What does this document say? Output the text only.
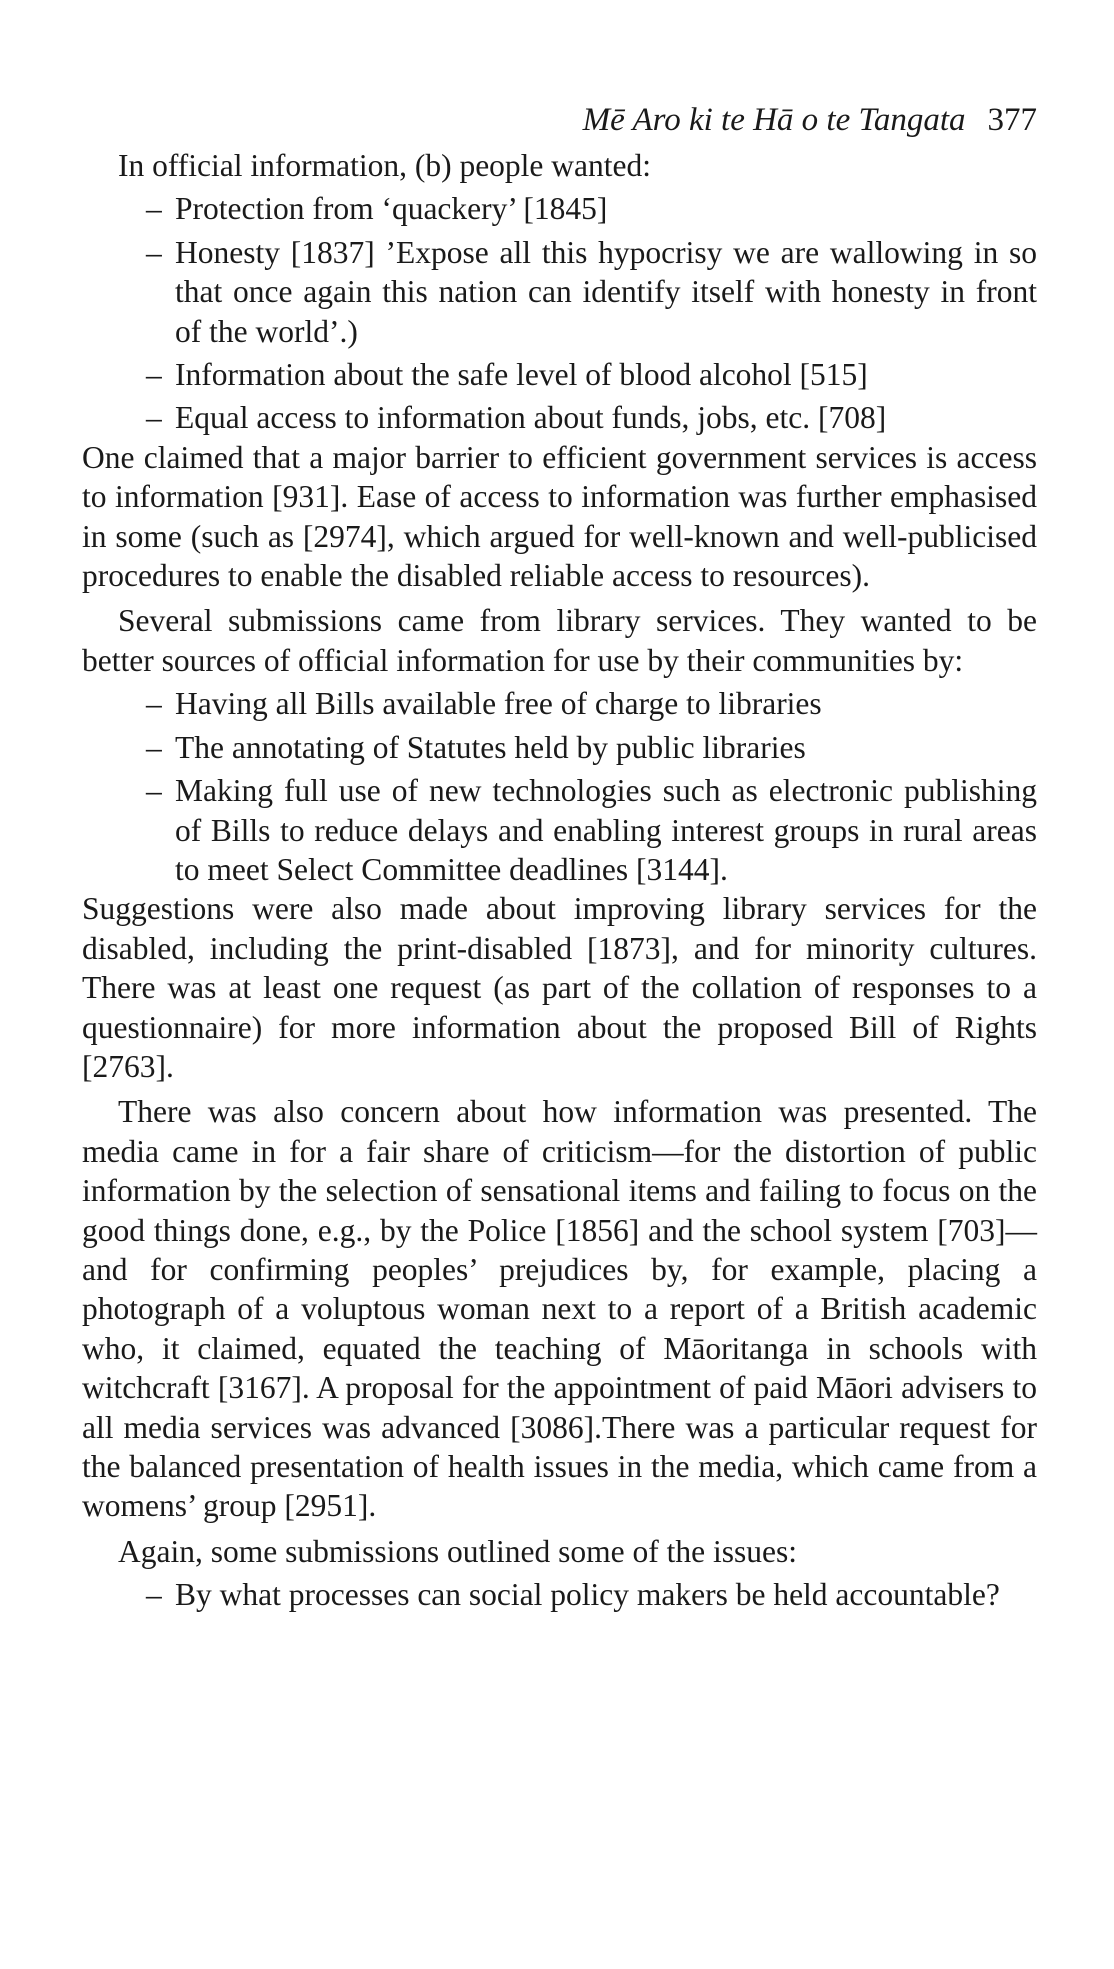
Mē Aro ki te Hā o te Tangata 377

In official information, (b) people wanted:

– Protection from ‘quackery’ [1845]
– Honesty [1837] ’Expose all this hypocrisy we are wallowing in so that once again this nation can identify itself with honesty in front of the world’.)
– Information about the safe level of blood alcohol [515]
– Equal access to information about funds, jobs, etc. [708]

One claimed that a major barrier to efficient government services is access to information [931]. Ease of access to information was further emphasised in some (such as [2974], which argued for well-known and well-publicised procedures to enable the disabled reliable access to resources).

Several submissions came from library services. They wanted to be better sources of official information for use by their communities by:

– Having all Bills available free of charge to libraries
– The annotating of Statutes held by public libraries
– Making full use of new technologies such as electronic publishing of Bills to reduce delays and enabling interest groups in rural areas to meet Select Committee deadlines [3144].

Suggestions were also made about improving library services for the disabled, including the print-disabled [1873], and for minority cultures. There was at least one request (as part of the collation of responses to a questionnaire) for more information about the proposed Bill of Rights [2763].

There was also concern about how information was presented. The media came in for a fair share of criticism—for the distortion of public information by the selection of sensational items and failing to focus on the good things done, e.g., by the Police [1856] and the school system [703]—and for confirming peoples’ prejudices by, for example, placing a photograph of a voluptous woman next to a report of a British academic who, it claimed, equated the teaching of Māoritanga in schools with witchcraft [3167]. A proposal for the appointment of paid Māori advisers to all media services was advanced [3086].There was a particular request for the balanced presentation of health issues in the media, which came from a womens’ group [2951].

Again, some submissions outlined some of the issues:

– By what processes can social policy makers be held accountable?
